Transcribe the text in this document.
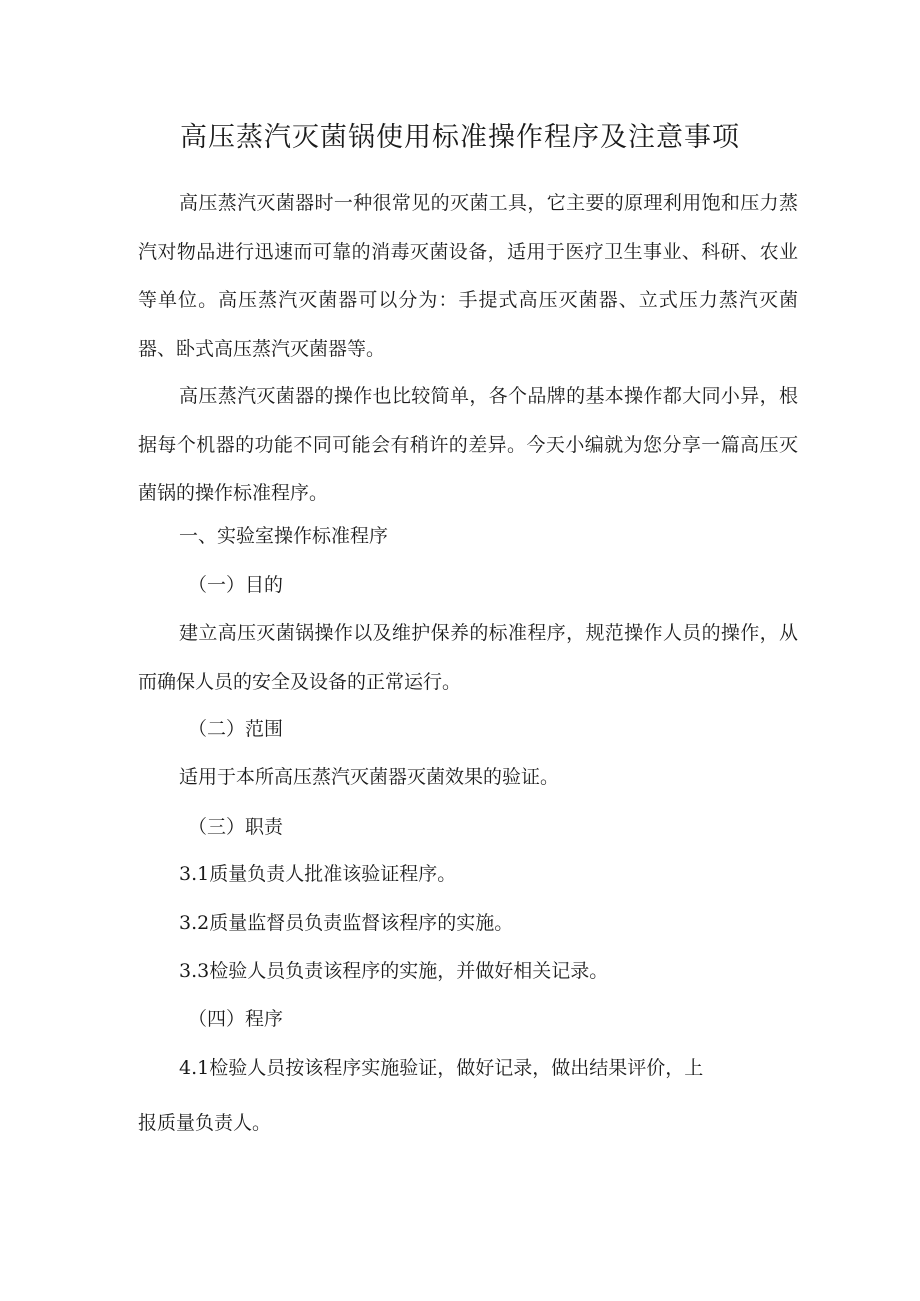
高压蒸汽灭菌锅使用标准操作程序及注意事项

高压蒸汽灭菌器时一种很常见的灭菌工具，它主要的原理利用饱和压力蒸汽对物品进行迅速而可靠的消毒灭菌设备，适用于医疗卫生事业、科研、农业等单位。高压蒸汽灭菌器可以分为：手提式高压灭菌器、立式压力蒸汽灭菌器、卧式高压蒸汽灭菌器等。

高压蒸汽灭菌器的操作也比较简单，各个品牌的基本操作都大同小异，根据每个机器的功能不同可能会有稍许的差异。今天小编就为您分享一篇高压灭菌锅的操作标准程序。

一、实验室操作标准程序

（一）目的

建立高压灭菌锅操作以及维护保养的标准程序，规范操作人员的操作，从而确保人员的安全及设备的正常运行。

（二）范围

适用于本所高压蒸汽灭菌器灭菌效果的验证。

（三）职责

3.1质量负责人批准该验证程序。

3.2质量监督员负责监督该程序的实施。

3.3检验人员负责该程序的实施，并做好相关记录。

（四）程序

4.1检验人员按该程序实施验证，做好记录，做出结果评价，上

报质量负责人。
